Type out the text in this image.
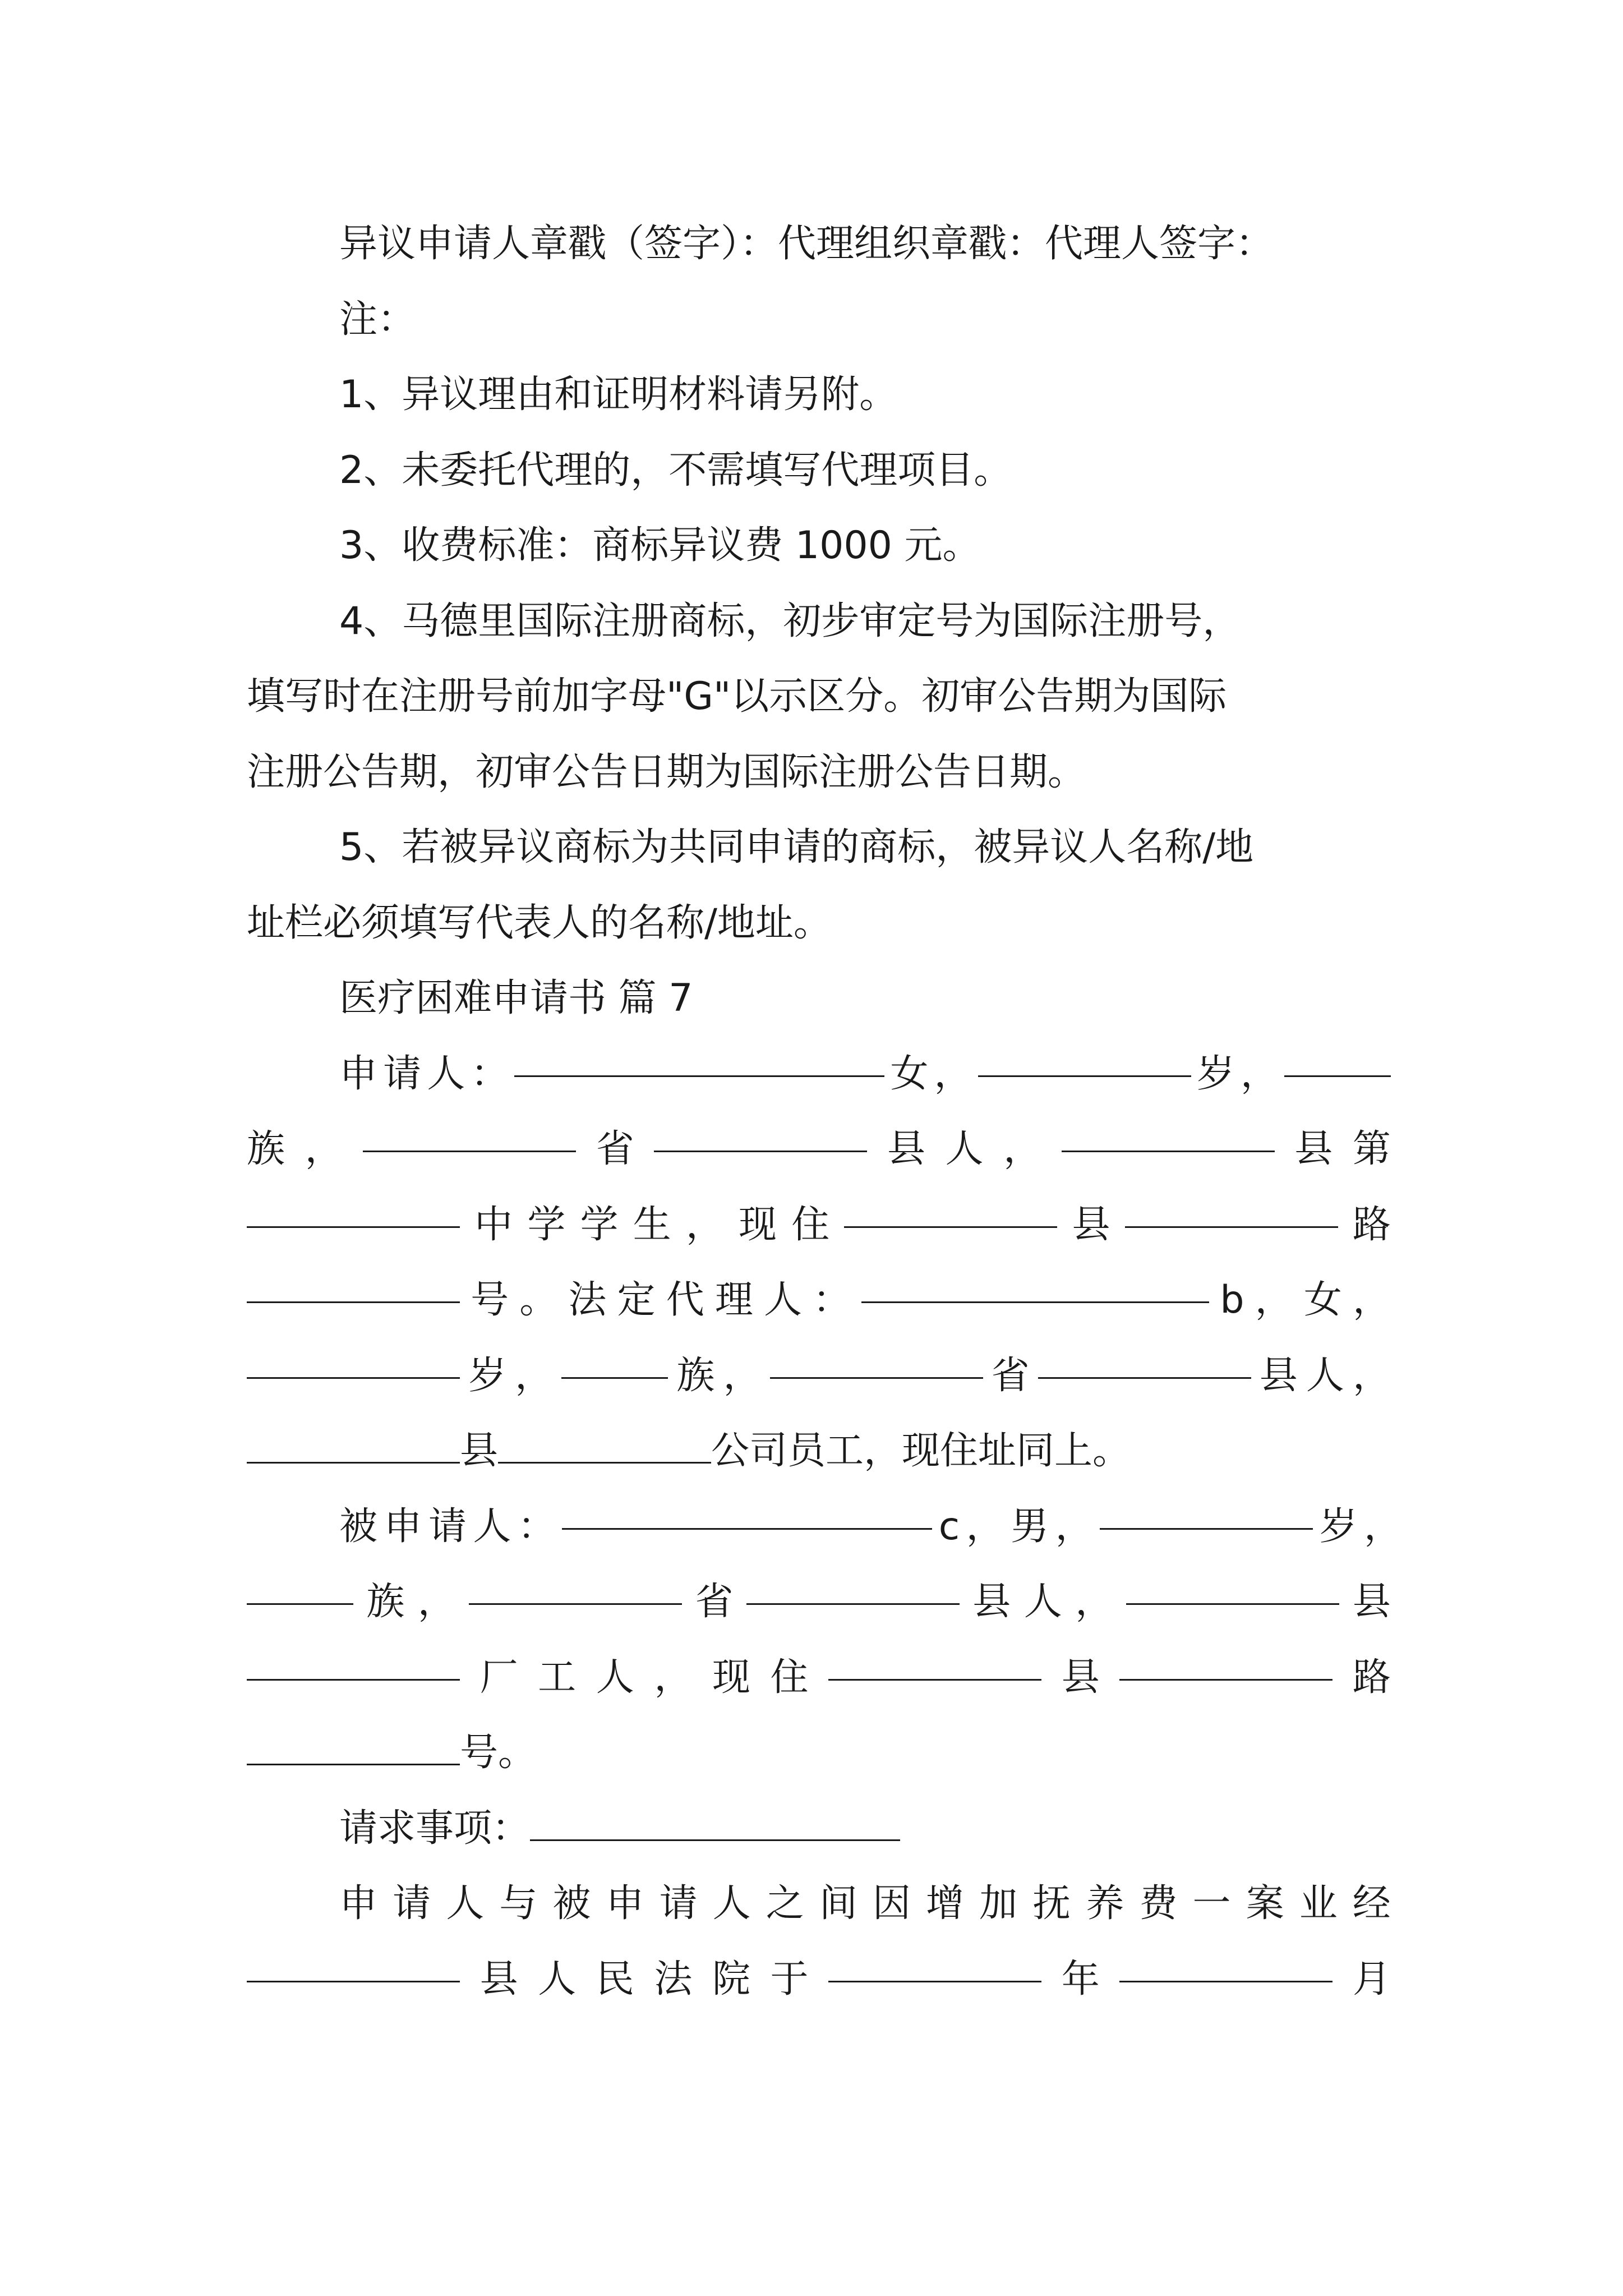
异议申请人章戳（签字）：代理组织章戳：代理人签字：
注：
1、异议理由和证明材料请另附。
2、未委托代理的，不需填写代理项目。
3、收费标准：商标异议费 1000 元。
4、马德里国际注册商标，初步审定号为国际注册号，
填写时在注册号前加字母"G"以示区分。初审公告期为国际
注册公告期，初审公告日期为国际注册公告日期。
5、若被异议商标为共同申请的商标，被异议人名称/地
址栏必须填写代表人的名称/地址。
医疗困难申请书 篇 7
申 请 人 ：	女 ，	岁 ，
族 ，	省	县 人 ，	县 第
中 学 学 生 ， 现 住	县	路
号 。 法 定 代 理 人 ：	b ， 女 ，
岁 ，	族 ，	省	县 人 ，
县	公司员工，现住址同上。
被 申 请 人 ：	c ， 男 ，	岁 ，
族 ，	省	县 人 ，	县
厂 工 人 ， 现 住	县	路
号。
请求事项：
申 请 人 与 被 申 请 人 之 间 因 增 加 抚 养 费 一 案 业 经
县 人 民 法 院 于	年	月
